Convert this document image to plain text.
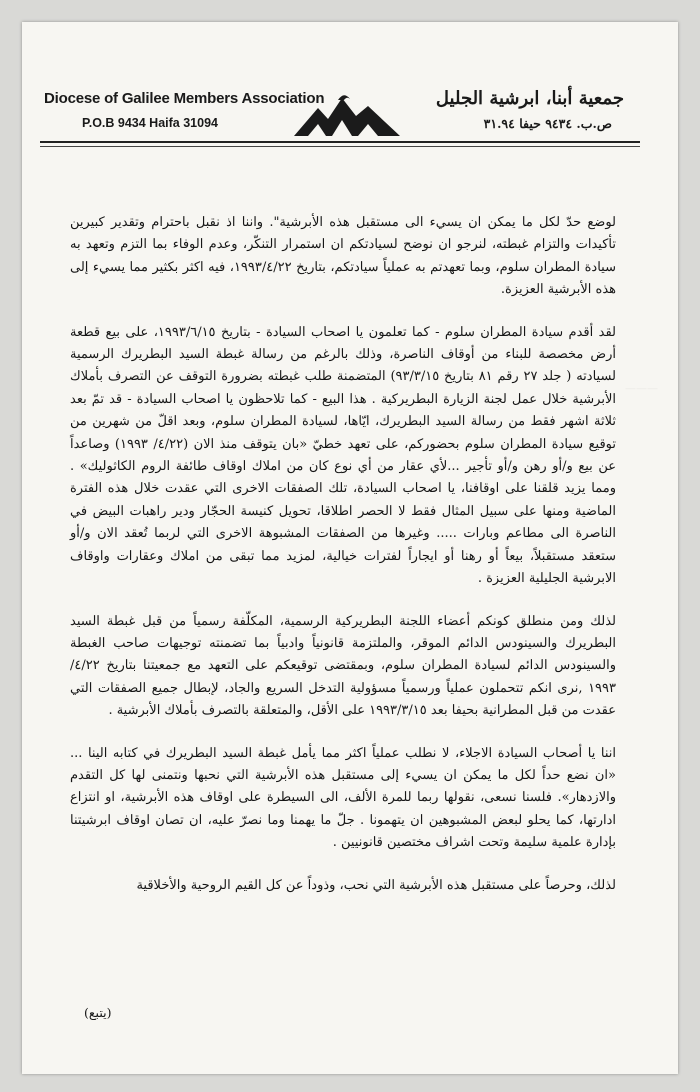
Diocese of Galilee Members Association
P.O.B 9434 Haifa 31094
جمعية أبنا، ابرشية الجليل
ص.ب. ٩٤٣٤ حيفا ٣١.٩٤
———

لوضع حدّ لكل ما يمكن ان يسيء الى مستقبل هذه الأبرشية". واننا اذ نقبل باحترام وتقدير كبيرين تأكيدات والتزام غبطته، لنرجو ان نوضح لسيادتكم ان استمرار التنكّر، وعدم الوفاء بما التزم وتعهد به سيادة المطران سلوم، وبما تعهدتم به عملياً سيادتكم، بتاريخ ١٩٩٣/٤/٢٢، فيه اكثر بكثير مما يسيء إلى هذه الأبرشية العزيزة.

لقد أقدم سيادة المطران سلوم - كما تعلمون يا اصحاب السيادة - بتاريخ ١٩٩٣/٦/١٥، على بيع قطعة أرض مخصصة للبناء من أوقاف الناصرة، وذلك بالرغم من رسالة غبطة السيد البطريرك الرسمية لسيادته ( جلد ٢٧ رقم ٨١ بتاريخ ٩٣/٣/١٥) المتضمنة طلب غبطته بضرورة التوقف عن التصرف بأملاك الأبرشية خلال عمل لجنة الزيارة البطريركية . هذا البيع - كما تلاحظون يا اصحاب السيادة - قد تمّ بعد ثلاثة اشهر فقط من رسالة السيد البطريرك، ايّاها، لسيادة المطران سلوم، وبعد اقلّ من شهرين من توقيع سيادة المطران سلوم بحضوركم، على تعهد خطيّ «بان يتوقف منذ الان (٤/٢٢/ ١٩٩٣) وصاعداً عن بيع و/أو رهن و/أو تأجير ...لأي عقار من أي نوع كان من املاك اوقاف طائفة الروم الكاثوليك» . ومما يزيد قلقنا على اوقافنا، يا اصحاب السيادة، تلك الصفقات الاخرى التي عقدت خلال هذه الفترة الماضية ومنها على سبيل المثال فقط لا الحصر اطلاقا، تحويل كنيسة الحجّار ودير راهبات البيض في الناصرة الى مطاعم وبارات ..... وغيرها من الصفقات المشبوهة الاخرى التي لربما تُعقد الان و/أو ستعقد مستقبلاً، بيعاً أو رهنا أو ايجاراً لفترات خيالية، لمزيد مما تبقى من املاك وعقارات واوقاف الابرشية الجليلية العزيزة .

لذلك ومن منطلق كونكم أعضاء اللجنة البطريركية الرسمية، المكلّفة رسمياً من قبل غبطة السيد البطريرك والسينودس الدائم الموقر، والملتزمة قانونياً وادبياً بما تضمنته توجيهات صاحب الغبطة والسينودس الدائم لسيادة المطران سلوم، وبمقتضى توقيعكم على التعهد مع جمعيتنا بتاريخ ٤/٢٢/ ١٩٩٣ ,نرى انكم تتحملون عملياً ورسمياً مسؤولية التدخل السريع والجاد، لإبطال جميع الصفقات التي عقدت من قبل المطرانية بحيفا بعد ١٩٩٣/٣/١٥ على الأقل، والمتعلقة بالتصرف بأملاك الأبرشية .

اننا يا أصحاب السيادة الاجلاء، لا نطلب عملياً اكثر مما يأمل غبطة السيد البطريرك في كتابه الينا ... «ان نضع حداً لكل ما يمكن ان يسيء إلى مستقبل هذه الأبرشية التي نحبها ونتمنى لها كل التقدم والازدهار». فلسنا نسعى، نقولها ربما للمرة الألف، الى السيطرة على اوقاف هذه الأبرشية، او انتزاع ادارتها، كما يحلو لبعض المشبوهين ان يتهمونا . جلّ ما يهمنا وما نصرّ عليه، ان تصان اوقاف ابرشيتنا بإدارة علمية سليمة وتحت اشراف مختصين قانونيين .

لذلك، وحرصاً على مستقبل هذه الأبرشية التي نحب، وذوداً عن كل القيم الروحية والأخلاقية

(يتبع)
